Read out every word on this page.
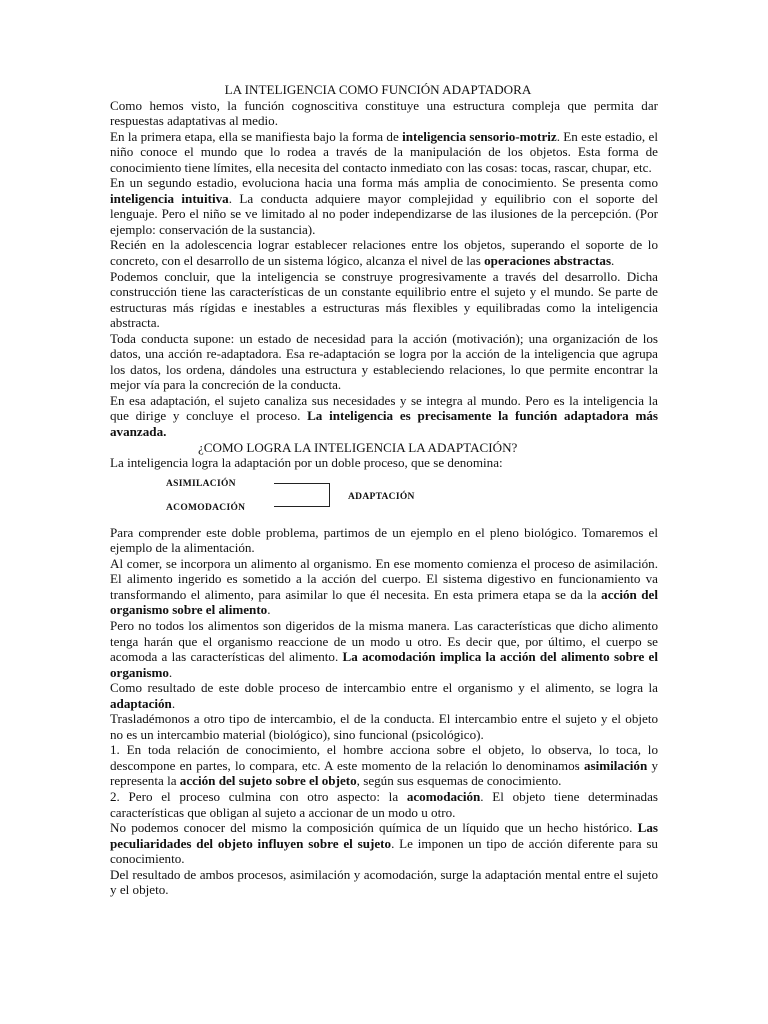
LA INTELIGENCIA COMO FUNCIÓN ADAPTADORA

Como hemos visto, la función cognoscitiva constituye una estructura compleja que permita dar respuestas adaptativas al medio.

En la primera etapa, ella se manifiesta bajo la forma de inteligencia sensorio-motriz. En este estadio, el niño conoce el mundo que lo rodea a través de la manipulación de los objetos. Esta forma de conocimiento tiene límites, ella necesita del contacto inmediato con las cosas: tocas, rascar, chupar, etc.

En un segundo estadio, evoluciona hacia una forma más amplia de conocimiento. Se presenta como inteligencia intuitiva. La conducta adquiere mayor complejidad y equilibrio con el soporte del lenguaje. Pero el niño se ve limitado al no poder independizarse de las ilusiones de la percepción. (Por ejemplo: conservación de la sustancia).

Recién en la adolescencia lograr establecer relaciones entre los objetos, superando el soporte de lo concreto, con el desarrollo de un sistema lógico, alcanza el nivel de las operaciones abstractas.

Podemos concluir, que la inteligencia se construye progresivamente a través del desarrollo. Dicha construcción tiene las características de un constante equilibrio entre el sujeto y el mundo. Se parte de estructuras más rígidas e inestables a estructuras más flexibles y equilibradas como la inteligencia abstracta.

Toda conducta supone: un estado de necesidad para la acción (motivación); una organización de los datos, una acción re-adaptadora. Esa re-adaptación se logra por la acción de la inteligencia que agrupa los datos, los ordena, dándoles una estructura y estableciendo relaciones, lo que permite encontrar la mejor vía para la concreción de la conducta.

En esa adaptación, el sujeto canaliza sus necesidades y se integra al mundo. Pero es la inteligencia la que dirige y concluye el proceso. La inteligencia es precisamente la función adaptadora más avanzada.

¿COMO LOGRA LA INTELIGENCIA LA ADAPTACIÓN?

La inteligencia logra la adaptación por un doble proceso, que se denomina:

ASIMILACIÓN
ACOMODACIÓN
ADAPTACIÓN

Para comprender este doble problema, partimos de un ejemplo en el pleno biológico. Tomaremos el ejemplo de la alimentación.

Al comer, se incorpora un alimento al organismo. En ese momento comienza el proceso de asimilación. El alimento ingerido es sometido a la acción del cuerpo. El sistema digestivo en funcionamiento va transformando el alimento, para asimilar lo que él necesita. En esta primera etapa se da la acción del organismo sobre el alimento.

Pero no todos los alimentos son digeridos de la misma manera. Las características que dicho alimento tenga harán que el organismo reaccione de un modo u otro. Es decir que, por último, el cuerpo se acomoda a las características del alimento. La acomodación implica la acción del alimento sobre el organismo.

Como resultado de este doble proceso de intercambio entre el organismo y el alimento, se logra la adaptación.

Trasladémonos a otro tipo de intercambio, el de la conducta. El intercambio entre el sujeto y el objeto no es un intercambio material (biológico), sino funcional (psicológico).

1. En toda relación de conocimiento, el hombre acciona sobre el objeto, lo observa, lo toca, lo descompone en partes, lo compara, etc. A este momento de la relación lo denominamos asimilación y representa la acción del sujeto sobre el objeto, según sus esquemas de conocimiento.

2. Pero el proceso culmina con otro aspecto: la acomodación. El objeto tiene determinadas características que obligan al sujeto a accionar de un modo u otro.

No podemos conocer del mismo la composición química de un líquido que un hecho histórico. Las peculiaridades del objeto influyen sobre el sujeto. Le imponen un tipo de acción diferente para su conocimiento.

Del resultado de ambos procesos, asimilación y acomodación, surge la adaptación mental entre el sujeto y el objeto.
